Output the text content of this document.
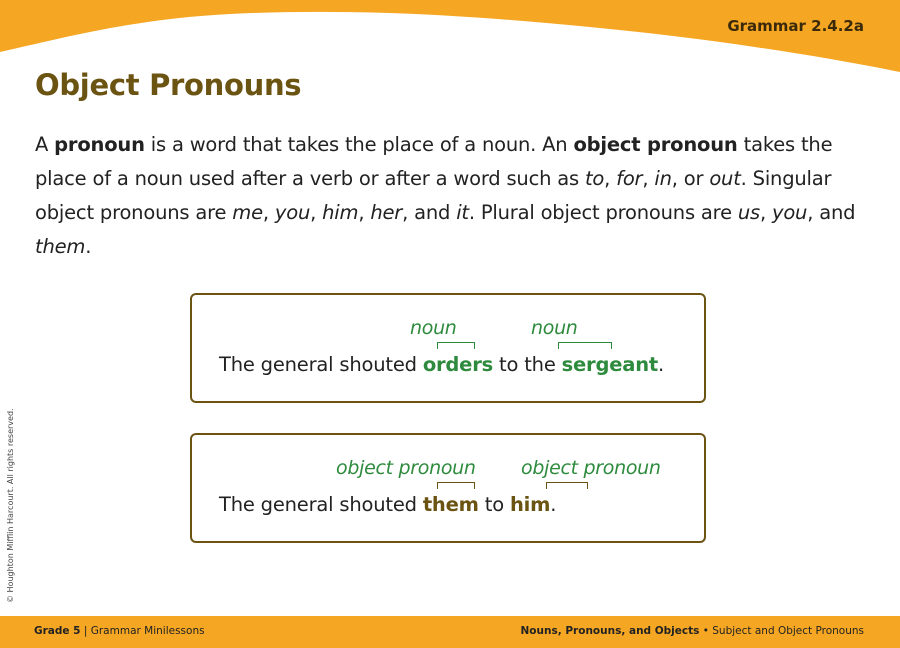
Grammar 2.4.2a
Object Pronouns

A pronoun is a word that takes the place of a noun. An object pronoun takes the place of a noun used after a verb or after a word such as to, for, in, or out. Singular object pronouns are me, you, him, her, and it. Plural object pronouns are us, you, and them.

noun	noun
The general shouted orders to the sergeant.
object pronoun object pronoun
The general shouted them to him.
© Houghton Mifflin Harcourt. All rights reserved.
Grade 5 | Grammar Minilessons	Nouns, Pronouns, and Objects • Subject and Object Pronouns
